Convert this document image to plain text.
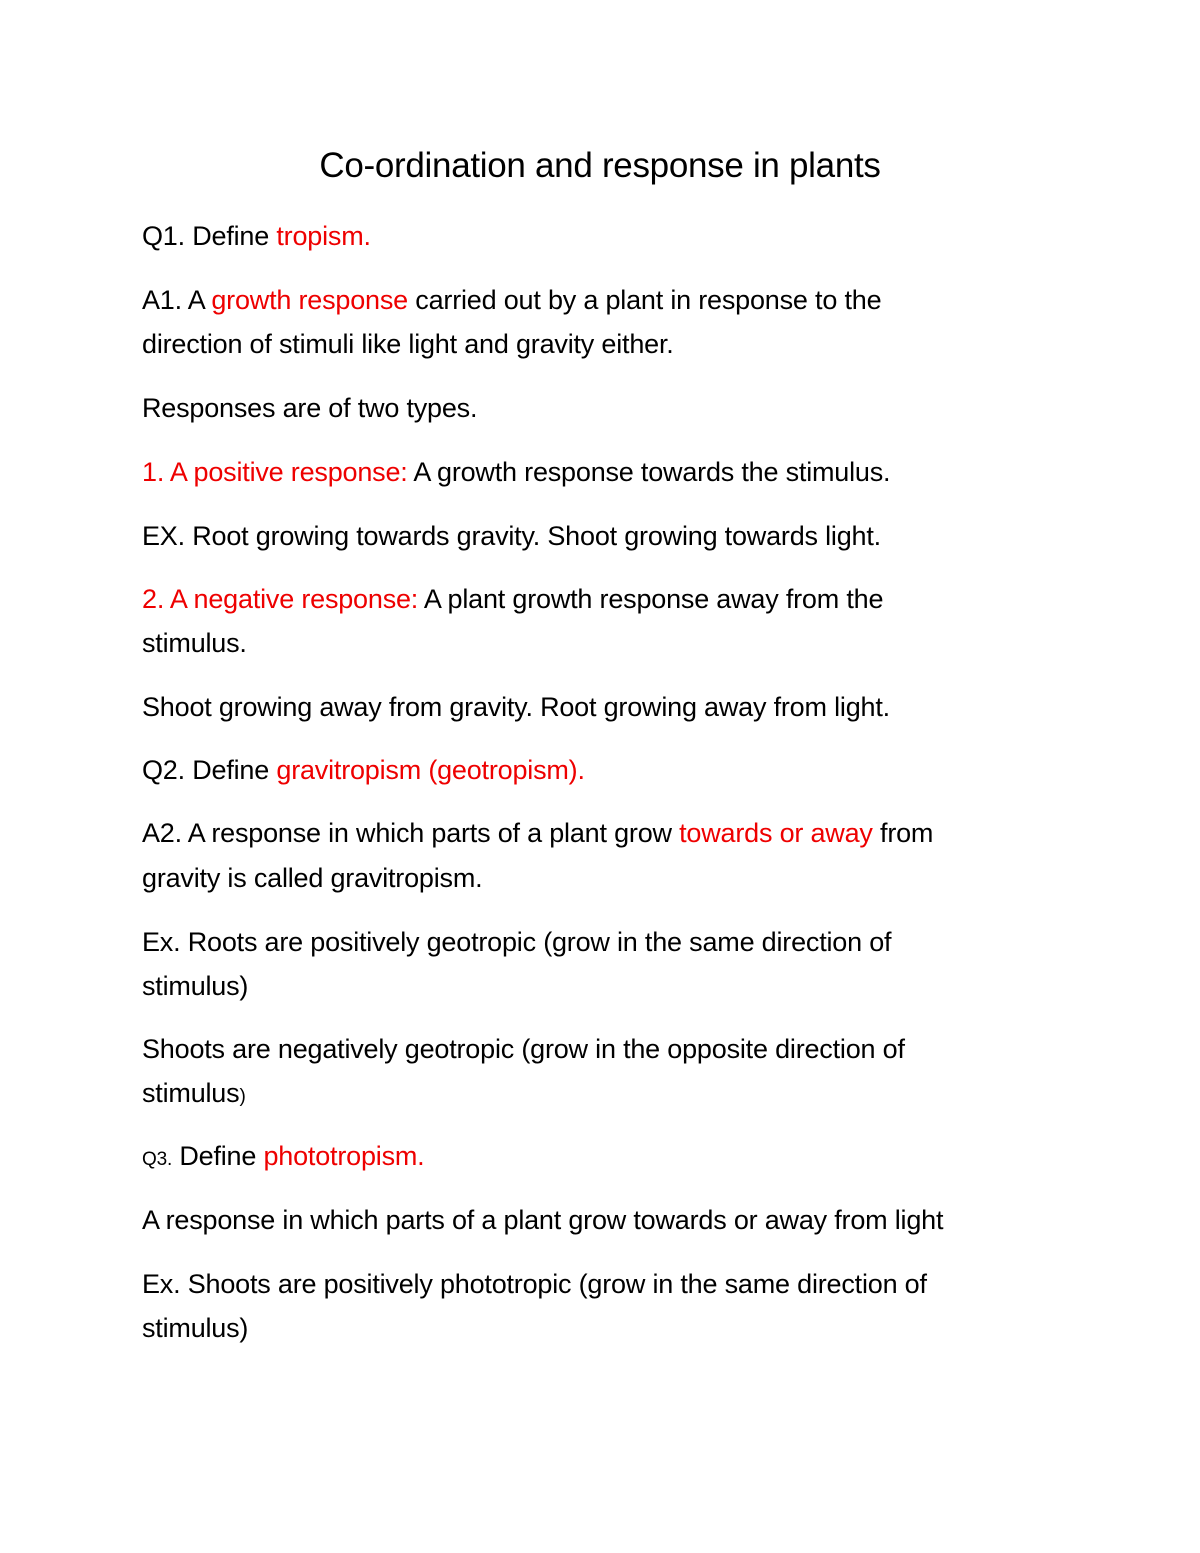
Co-ordination and response in plants

Q1. Define tropism.

A1. A growth response carried out by a plant in response to the

direction of stimuli like light and gravity either.

Responses are of two types.

1. A positive response: A growth response towards the stimulus.

EX. Root growing towards gravity. Shoot growing towards light.

2. A negative response: A plant growth response away from the

stimulus.

Shoot growing away from gravity. Root growing away from light.

Q2. Define gravitropism (geotropism).

A2. A response in which parts of a plant grow towards or away from

gravity is called gravitropism.

Ex. Roots are positively geotropic (grow in the same direction of

stimulus)

Shoots are negatively geotropic (grow in the opposite direction of

stimulus)

Q3. Define phototropism.

A response in which parts of a plant grow towards or away from light

Ex. Shoots are positively phototropic (grow in the same direction of

stimulus)
